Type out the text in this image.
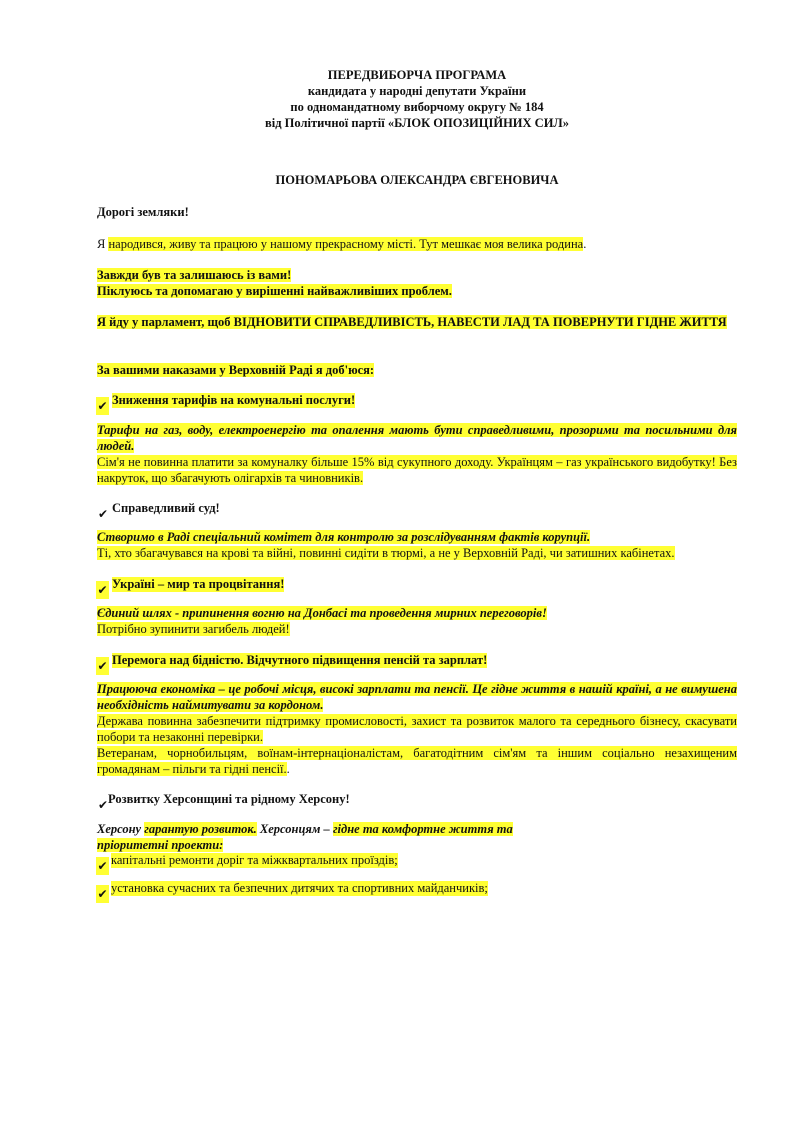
ПЕРЕДВИБОРЧА ПРОГРАМА
кандидата у народні депутати України
по одномандатному виборчому округу № 184
від Політичної партії «БЛОК ОПОЗИЦІЙНИХ СИЛ»
ПОНОМАРЬОВА ОЛЕКСАНДРА ЄВГЕНОВИЧА
Дорогі земляки!
Я народився, живу та працюю у нашому прекрасному місті. Тут мешкає моя велика родина.
Завжди був та залишаюсь із вами!
Піклуюсь та допомагаю у вирішенні найважливіших проблем.
Я йду у парламент, щоб ВІДНОВИТИ СПРАВЕДЛИВІСТЬ, НАВЕСТИ ЛАД ТА ПОВЕРНУТИ ГІДНЕ ЖИТТЯ
За вашими наказами у Верховній Раді я доб'юся:
✔ Зниження тарифів на комунальні послуги!
Тарифи на газ, воду, електроенергію та опалення мають бути справедливими, прозорими та посильними для людей.
Сім'я не повинна платити за комуналку більше 15% від сукупного доходу. Українцям – газ українського видобутку! Без накруток, що збагачують олігархів та чиновників.
✔ Справедливий суд!
Створимо в Раді спеціальний комітет для контролю за розслідуванням фактів корупції.
Ті, хто збагачувався на крові та війні, повинні сидіти в тюрмі, а не у Верховній Раді, чи затишних кабінетах.
✔ Україні – мир та процвітання!
Єдиний шлях - припинення вогню на Донбасі та проведення мирних переговорів!
Потрібно зупинити загибель людей!
✔ Перемога над бідністю. Відчутного підвищення пенсій та зарплат!
Працююча економіка – це робочі місця, високі зарплати та пенсії. Це гідне життя в нашій країні, а не вимушена необхідність наймитувати за кордоном.
Держава повинна забезпечити підтримку промисловості, захист та розвиток малого та середнього бізнесу, скасувати побори та незаконні перевірки.
Ветеранам, чорнобильцям, воїнам-інтернаціоналістам, багатодітним сім'ям та іншим соціально незахищеним громадянам – пільги та гідні пенсії..
✔ Розвитку Херсонщині та рідному Херсону!
Херсону гарантую розвиток. Херсонцям – гідне та комфортне життя та
пріоритетні проекти:
✔ капітальні ремонти доріг та міжквартальних проїздів;
✔ установка сучасних та безпечних дитячих та спортивних майданчиків;
